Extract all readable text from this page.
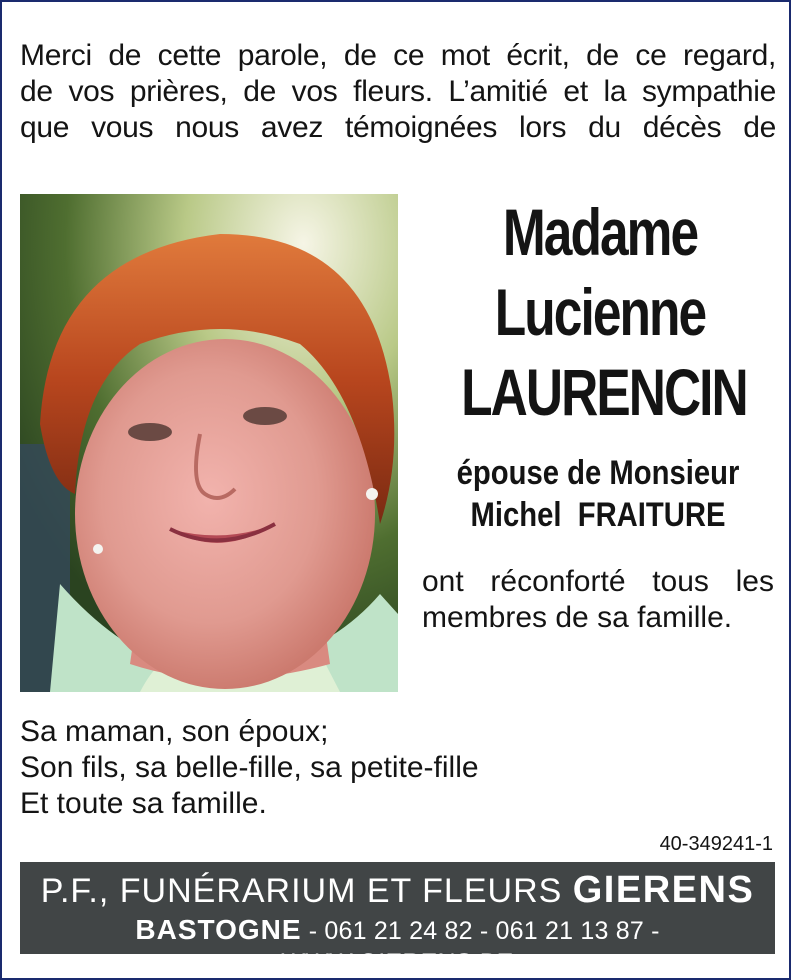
Merci de cette parole, de ce mot écrit, de ce regard,
de vos prières, de vos fleurs. L’amitié et la sympathie
que vous nous avez témoignées lors du décès de
Madame
Lucienne
LAURENCIN
épouse de Monsieur
Michel  FRAITURE
ont réconforté tous les
membres de sa famille.
Sa maman, son époux;
Son fils, sa belle-fille, sa petite-fille
Et toute sa famille.
40-349241-1
P.F., FUNÉRARIUM ET FLEURS GIERENS
BASTOGNE - 061 21 24 82 - 061 21 13 87 - WWW.GIERENS.BE
